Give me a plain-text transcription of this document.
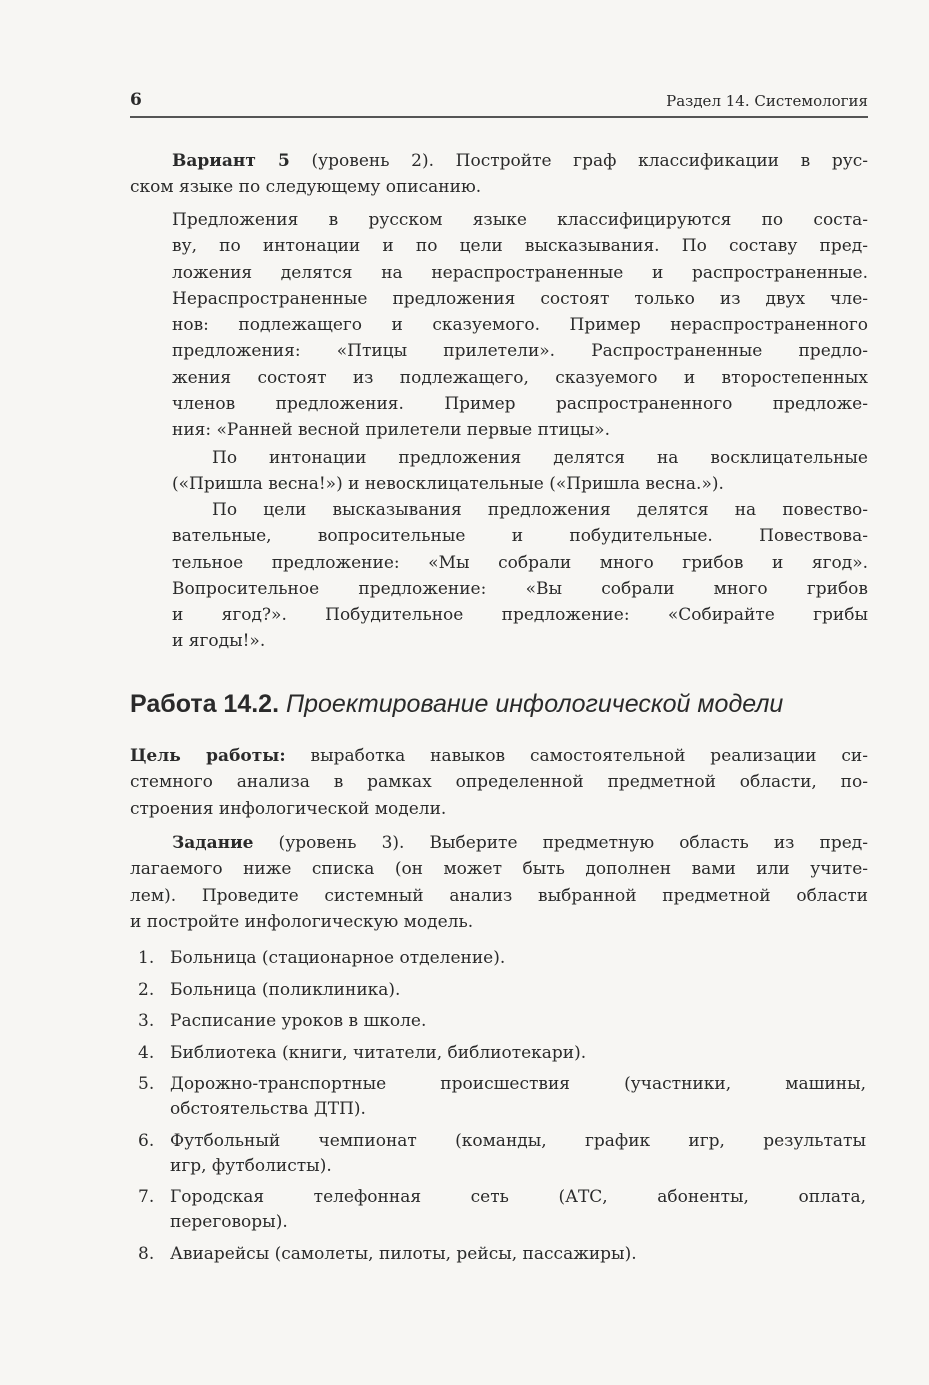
6	Раздел 14. Системология
Вариант 5 (уровень 2). Постройте граф классификации в рус-
ском языке по следующему описанию.
Предложения в русском языке классифицируются по соста-
ву, по интонации и по цели высказывания. По составу пред-
ложения делятся на нераспространенные и распространенные.
Нераспространенные предложения состоят только из двух чле-
нов: подлежащего и сказуемого. Пример нераспространенного
предложения: «Птицы прилетели». Распространенные предло-
жения состоят из подлежащего, сказуемого и второстепенных
членов предложения. Пример распространенного предложе-
ния: «Ранней весной прилетели первые птицы».
По интонации предложения делятся на восклицательные
(«Пришла весна!») и невосклицательные («Пришла весна.»).
По цели высказывания предложения делятся на повество-
вательные, вопросительные и побудительные. Повествова-
тельное предложение: «Мы собрали много грибов и ягод».
Вопросительное предложение: «Вы собрали много грибов
и ягод?». Побудительное предложение: «Собирайте грибы
и ягоды!».
Работа 14.2. Проектирование инфологической модели
Цель работы: выработка навыков самостоятельной реализации си-
стемного анализа в рамках определенной предметной области, по-
строения инфологической модели.
Задание (уровень 3). Выберите предметную область из пред-
лагаемого ниже списка (он может быть дополнен вами или учите-
лем). Проведите системный анализ выбранной предметной области
и постройте инфологическую модель.
1. Больница (стационарное отделение).
2. Больница (поликлиника).
3. Расписание уроков в школе.
4. Библиотека (книги, читатели, библиотекари).
5. Дорожно-транспортные происшествия (участники, машины,
обстоятельства ДТП).
6. Футбольный чемпионат (команды, график игр, результаты
игр, футболисты).
7. Городская телефонная сеть (АТС, абоненты, оплата,
переговоры).
8. Авиарейсы (самолеты, пилоты, рейсы, пассажиры).
